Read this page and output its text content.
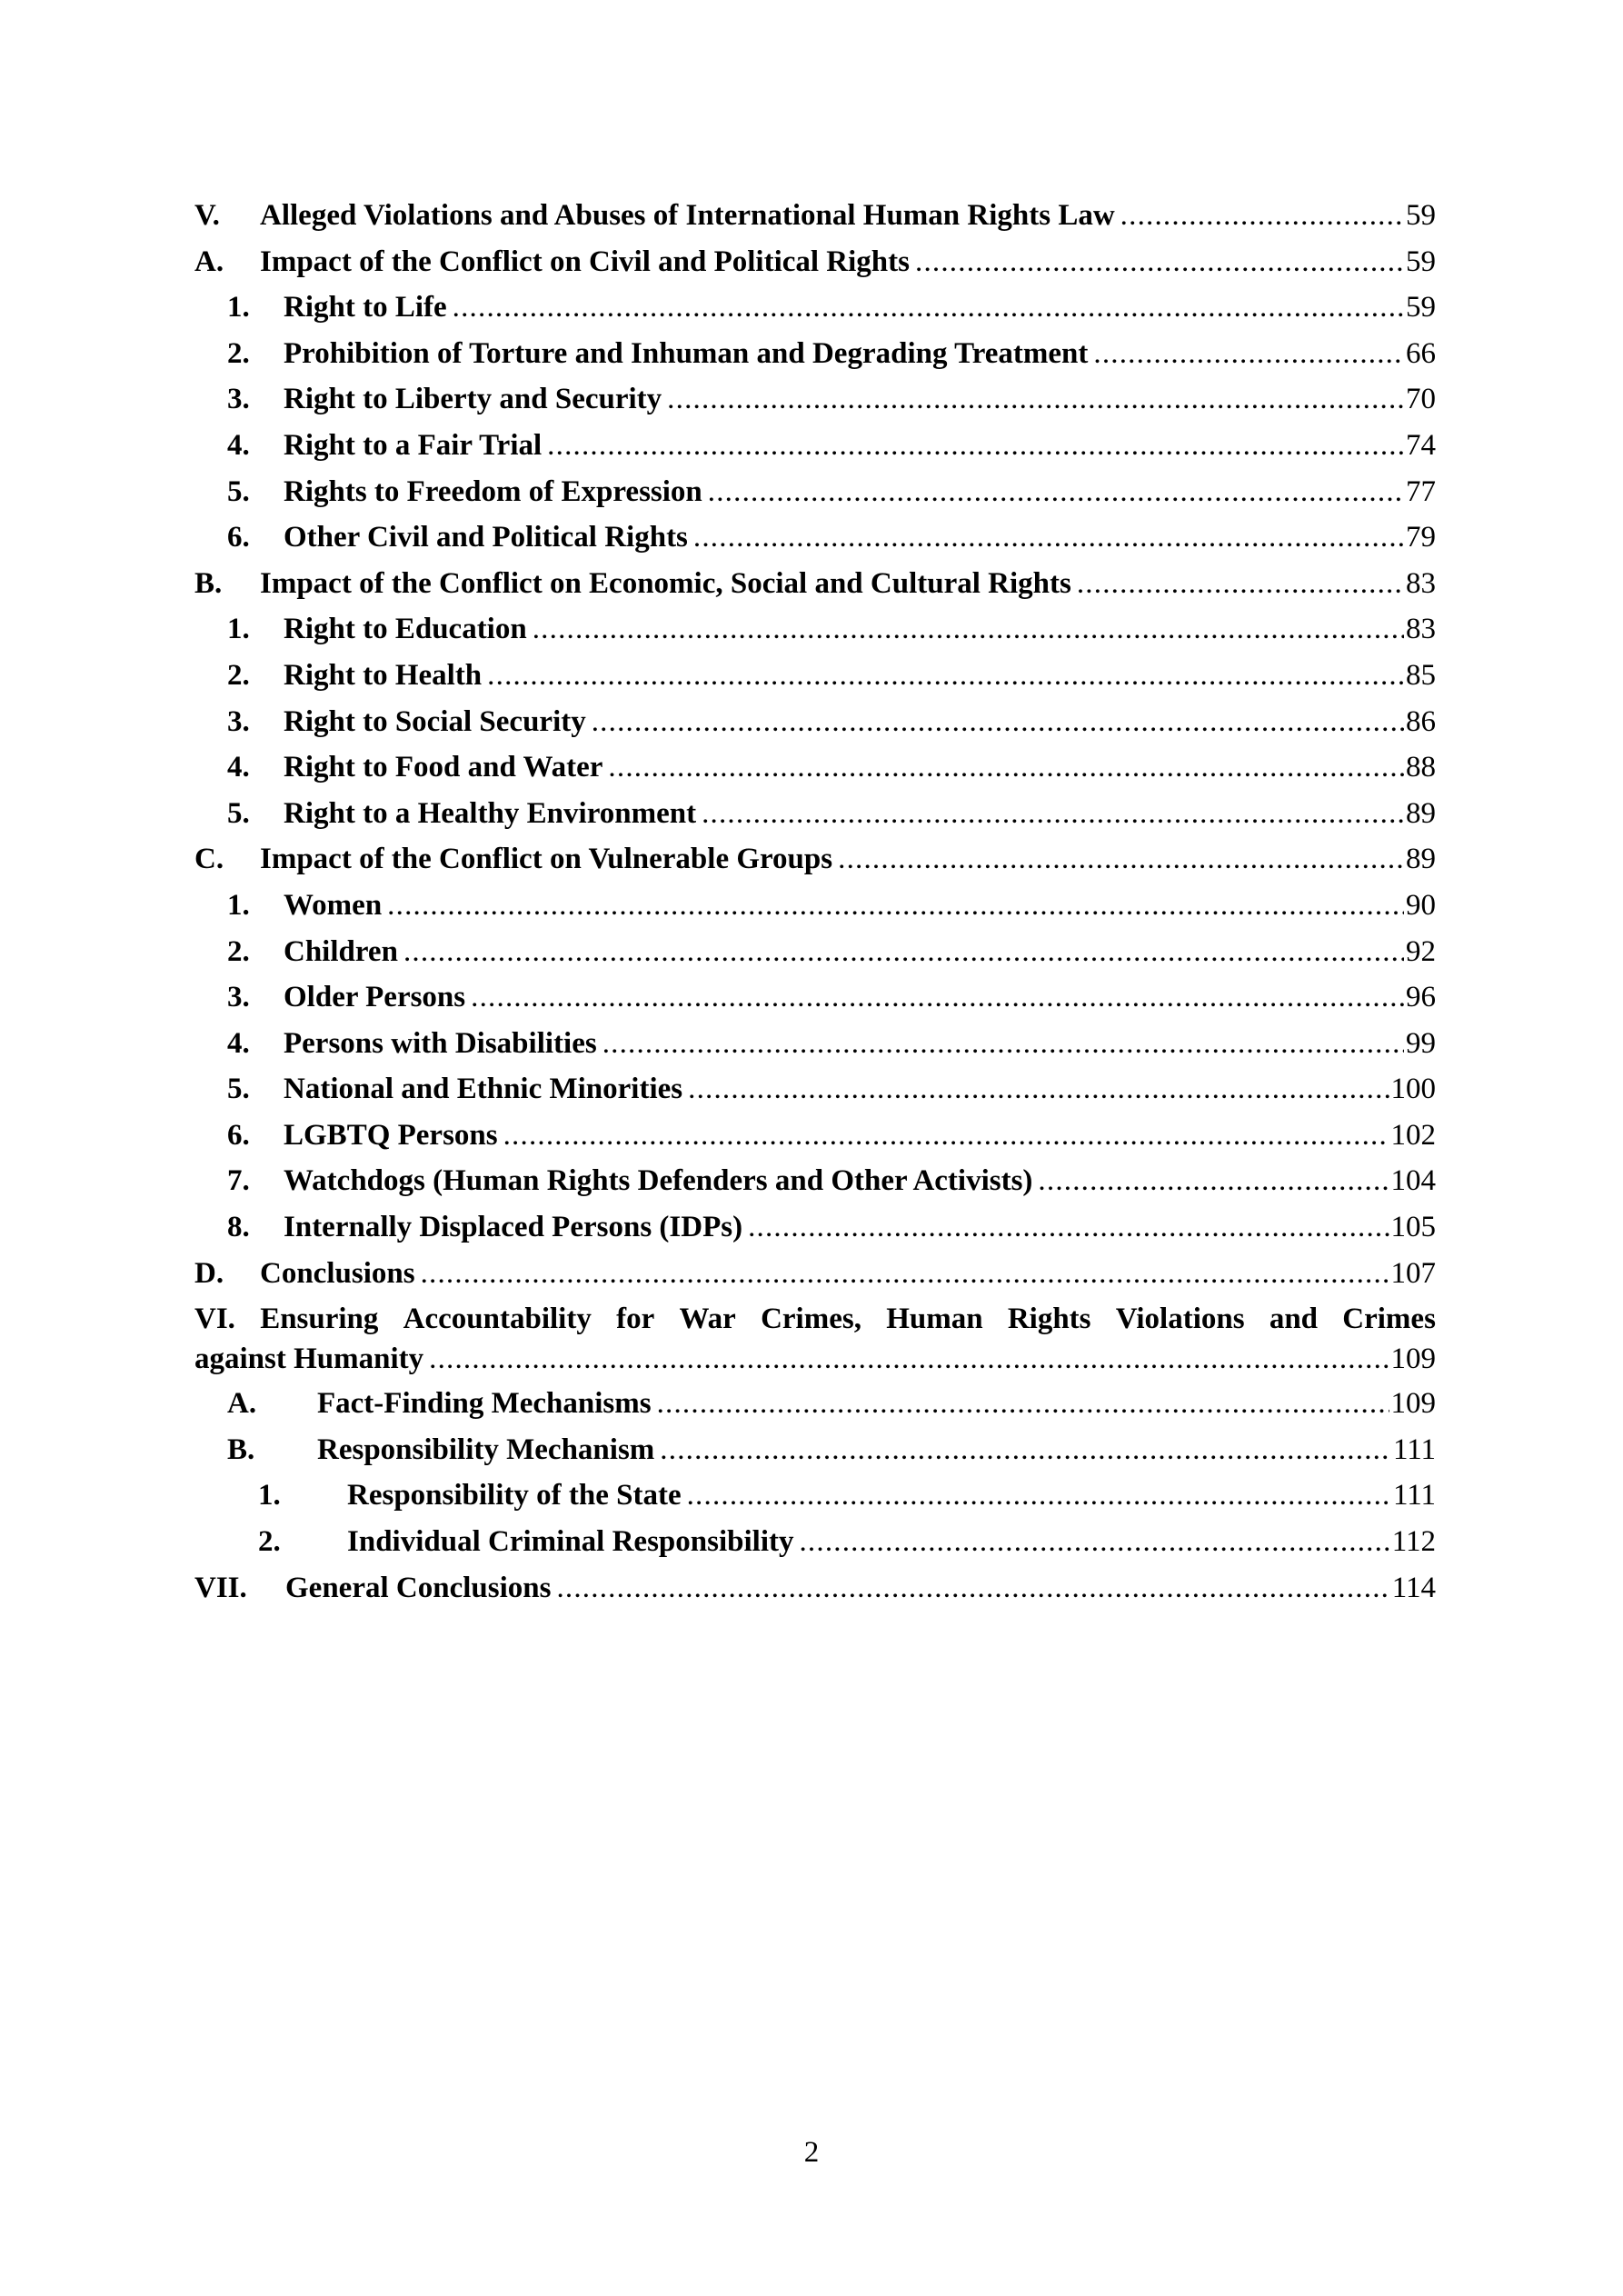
V.	Alleged Violations and Abuses of International Human Rights Law .....	59
A.	Impact of the Conflict on Civil and Political Rights .....	59
1.	Right to Life .....	59
2.	Prohibition of Torture and Inhuman and Degrading Treatment .....	66
3.	Right to Liberty and Security .....	70
4.	Right to a Fair Trial .....	74
5.	Rights to Freedom of Expression .....	77
6.	Other Civil and Political Rights .....	79
B.	Impact of the Conflict on Economic, Social and Cultural Rights .....	83
1.	Right to Education .....	83
2.	Right to Health .....	85
3.	Right to Social Security .....	86
4.	Right to Food and Water .....	88
5.	Right to a Healthy Environment .....	89
C.	Impact of the Conflict on Vulnerable Groups .....	89
1.	Women .....	90
2.	Children .....	92
3.	Older Persons .....	96
4.	Persons with Disabilities .....	99
5.	National and Ethnic Minorities .....	100
6.	LGBTQ Persons .....	102
7.	Watchdogs (Human Rights Defenders and Other Activists) .....	104
8.	Internally Displaced Persons (IDPs) .....	105
D.	Conclusions .....	107
VI. Ensuring Accountability for War Crimes, Human Rights Violations and Crimes
against Humanity .....	109
A.	Fact-Finding Mechanisms .....	109
B.	Responsibility Mechanism .....	111
1.	Responsibility of the State .....	111
2.	Individual Criminal Responsibility .....	112
VII.	General Conclusions .....	114
2
